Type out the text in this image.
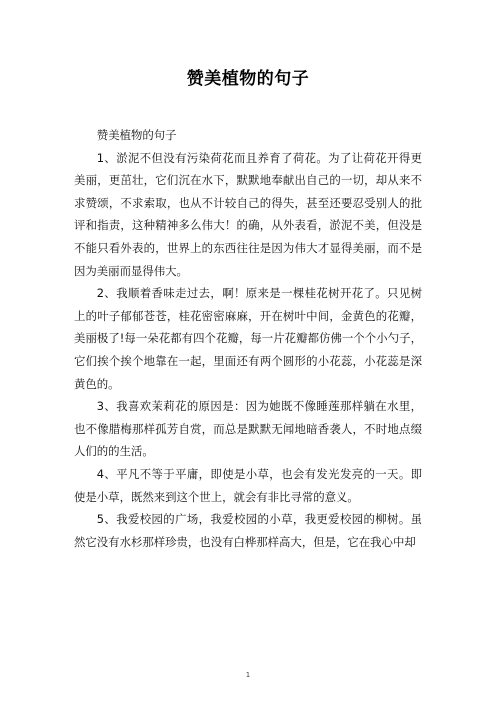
赞美植物的句子

赞美植物的句子

1、淤泥不但没有污染荷花而且养育了荷花。为了让荷花开得更美丽，更茁壮，它们沉在水下，默默地奉献出自己的一切，却从来不求赞颂，不求索取，也从不计较自己的得失，甚至还要忍受别人的批评和指责，这种精神多么伟大！的确，从外表看，淤泥不美，但没是不能只看外表的，世界上的东西往往是因为伟大才显得美丽，而不是因为美丽而显得伟大。

2、我顺着香味走过去，啊！原来是一棵桂花树开花了。只见树上的叶子郁郁苍苍，桂花密密麻麻，开在树叶中间，金黄色的花瓣，美丽极了!每一朵花都有四个花瓣，每一片花瓣都仿佛一个个小勺子，它们挨个挨个地靠在一起，里面还有两个圆形的小花蕊，小花蕊是深黄色的。

3、我喜欢茉莉花的原因是：因为她既不像睡莲那样躺在水里，也不像腊梅那样孤芳自赏，而总是默默无闻地暗香袭人，不时地点缀人们的的生活。

4、平凡不等于平庸，即使是小草，也会有发光发亮的一天。即使是小草，既然来到这个世上，就会有非比寻常的意义。

5、我爱校园的广场，我爱校园的小草，我更爱校园的柳树。虽然它没有水杉那样珍贵，也没有白桦那样高大，但是，它在我心中却

1
